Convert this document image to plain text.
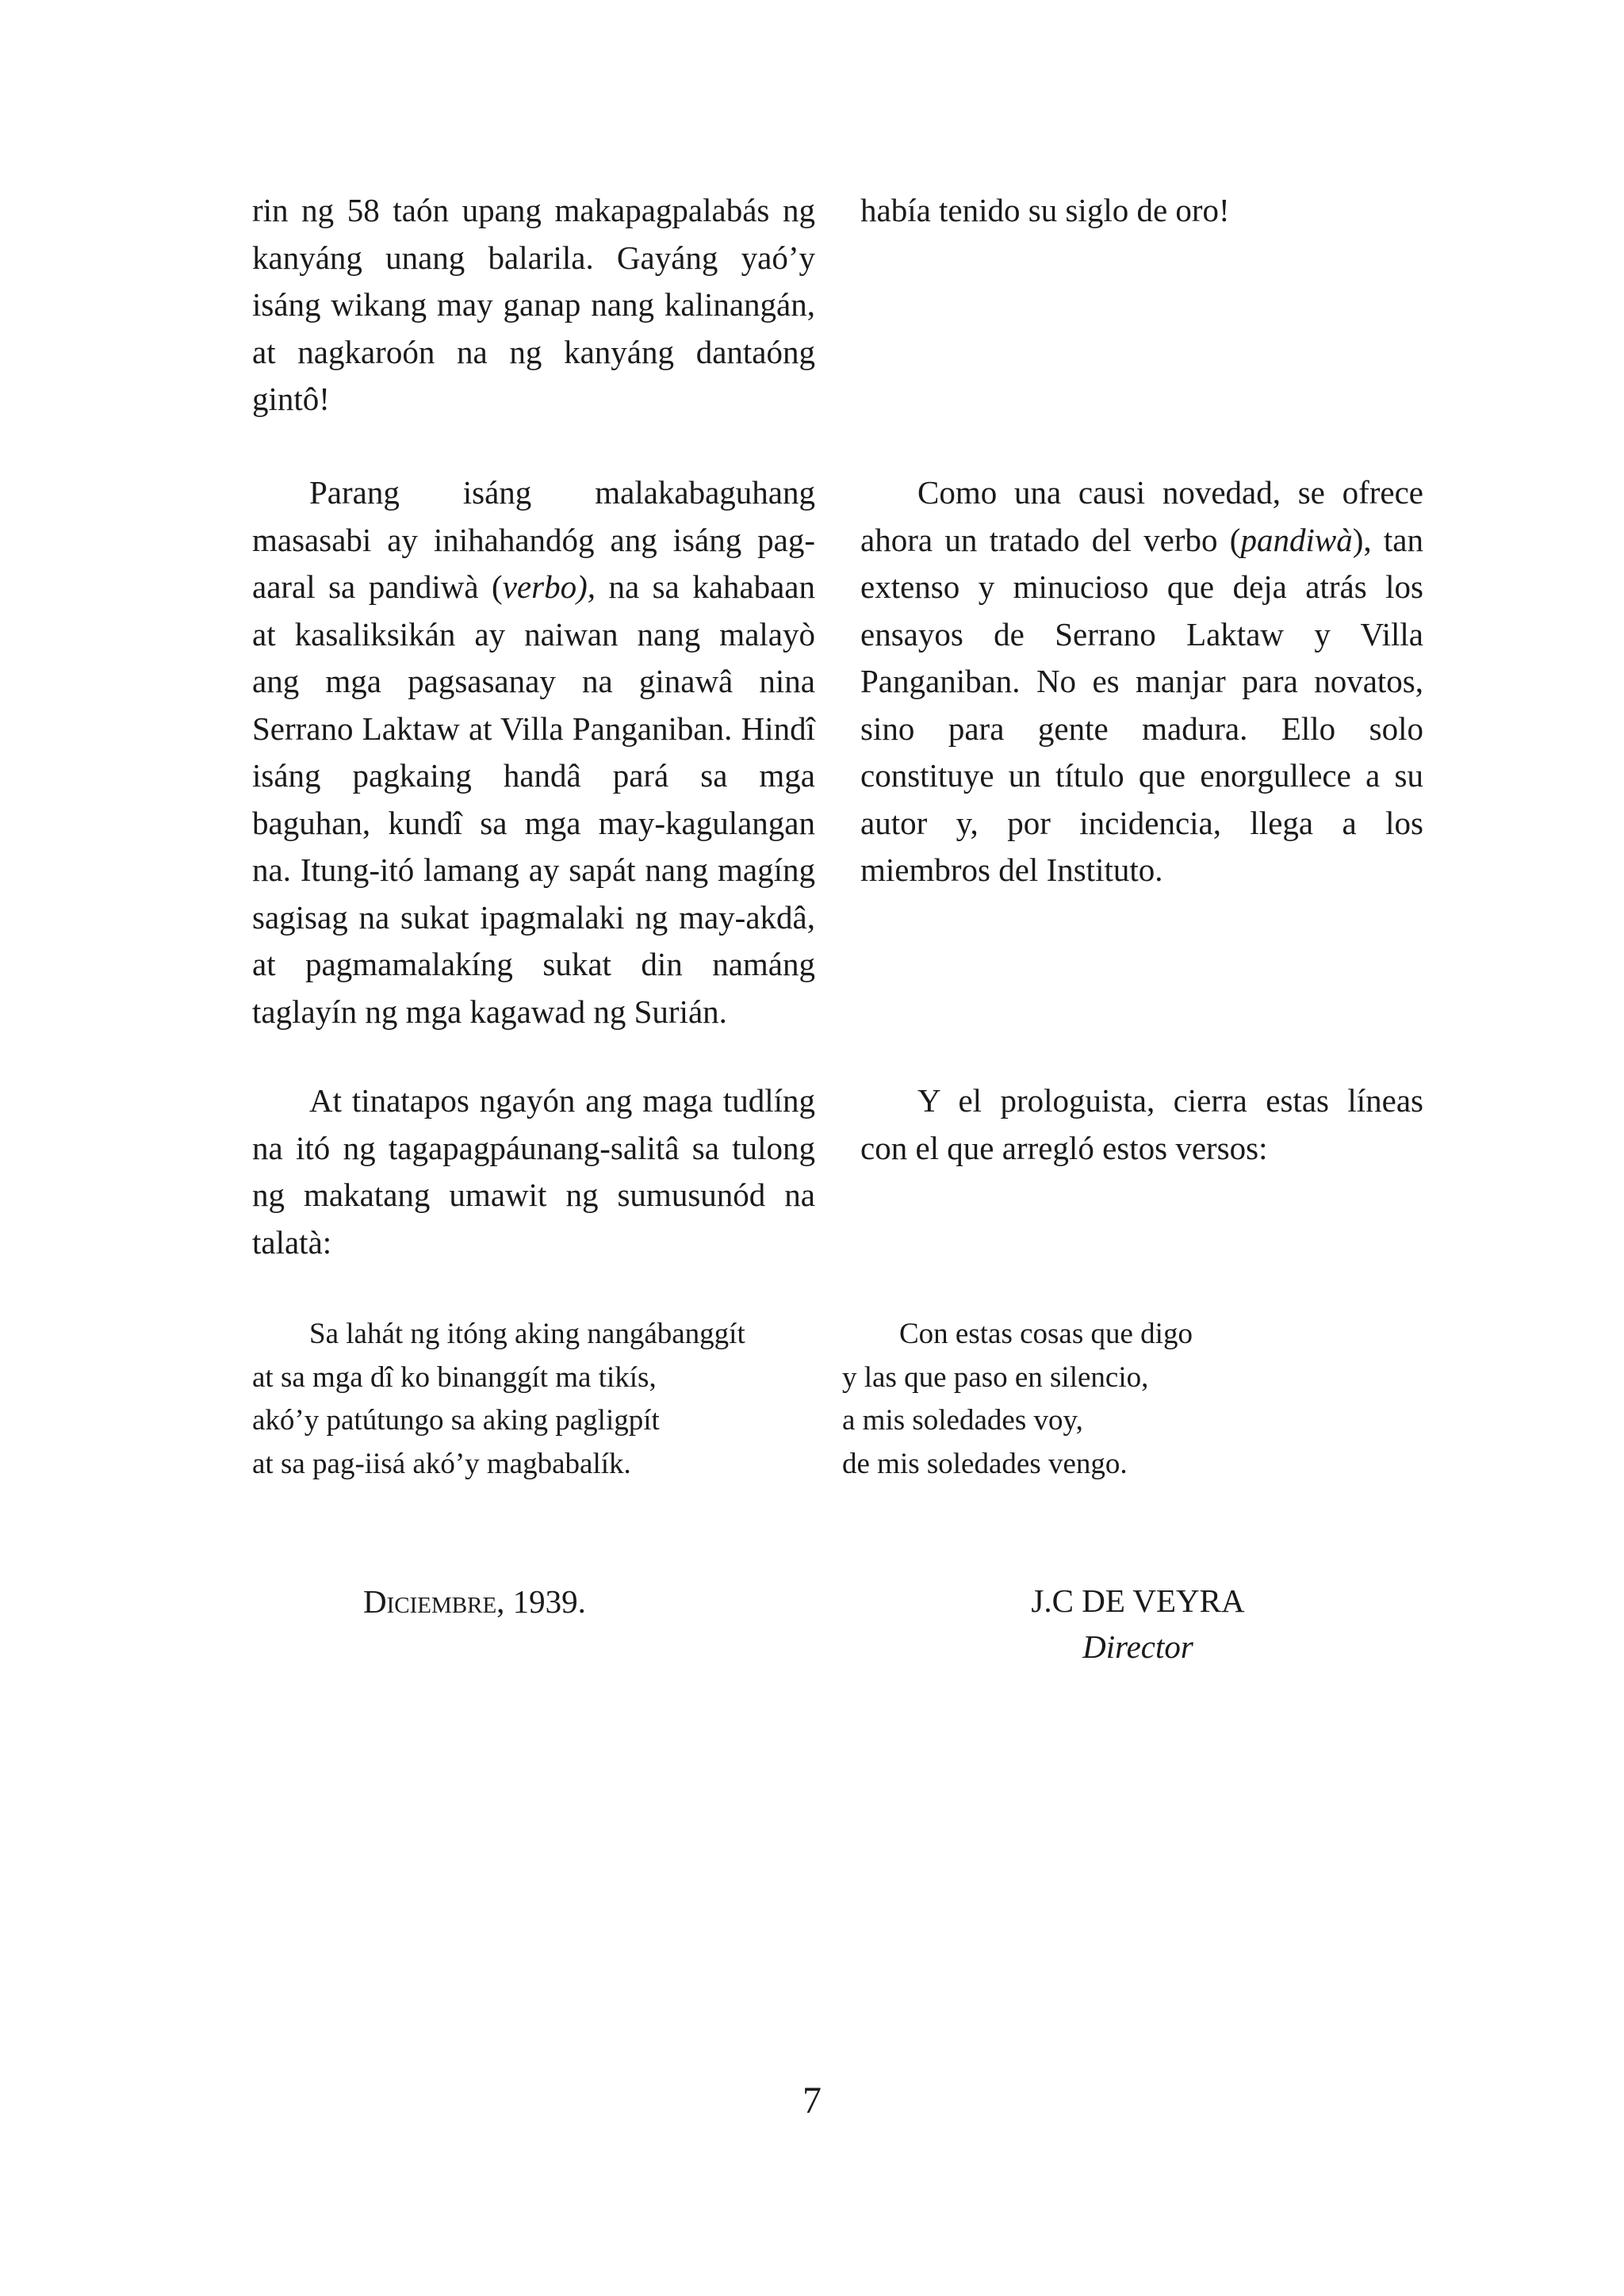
rin ng 58 taón upang makapagpalabás ng kanyáng unang balarila. Gayáng yaó’y isáng wikang may ganap nang kalinangán, at nagkaroón na ng kanyáng dantaóng gintô!

Parang isáng malakabaguhang masasabi ay inihahandóg ang isáng pag-aaral sa pandiwà (verbo), na sa kahabaan at kasaliksikán ay naiwan nang malayò ang mga pagsasanay na ginawâ nina Serrano Laktaw at Villa Panganiban. Hindî isáng pagkaing handâ pará sa mga baguhan, kundî sa mga may-kagulangan na. Itung-itó lamang ay sapát nang magíng sagisag na sukat ipagmalaki ng may-akdâ, at pagmamalakíng sukat din namáng taglayín ng mga kagawad ng Surián.

At tinatapos ngayón ang maga tudlíng na itó ng tagapagpáunang-salitâ sa tulong ng makatang umawit ng sumusunód na talatà:

Sa lahát ng itóng aking nangábanggít
at sa mga dî ko binanggít ma tikís,
akó’y patútungo sa aking pagligpít
at sa pag-iisá akó’y magbabalík.
Diciembre, 1939.

había tenido su siglo de oro!

Como una causi novedad, se ofrece ahora un tratado del verbo (pandiwà), tan extenso y minucioso que deja atrás los ensayos de Serrano Laktaw y Villa Panganiban. No es manjar para novatos, sino para gente madura. Ello solo constituye un título que enorgullece a su autor y, por incidencia, llega a los miembros del Instituto.

Y el prologuista, cierra estas líneas con el que arregló estos versos:

Con estas cosas que digo
y las que paso en silencio,
a mis soledades voy,
de mis soledades vengo.
J.C DE VEYRA
Director
7
